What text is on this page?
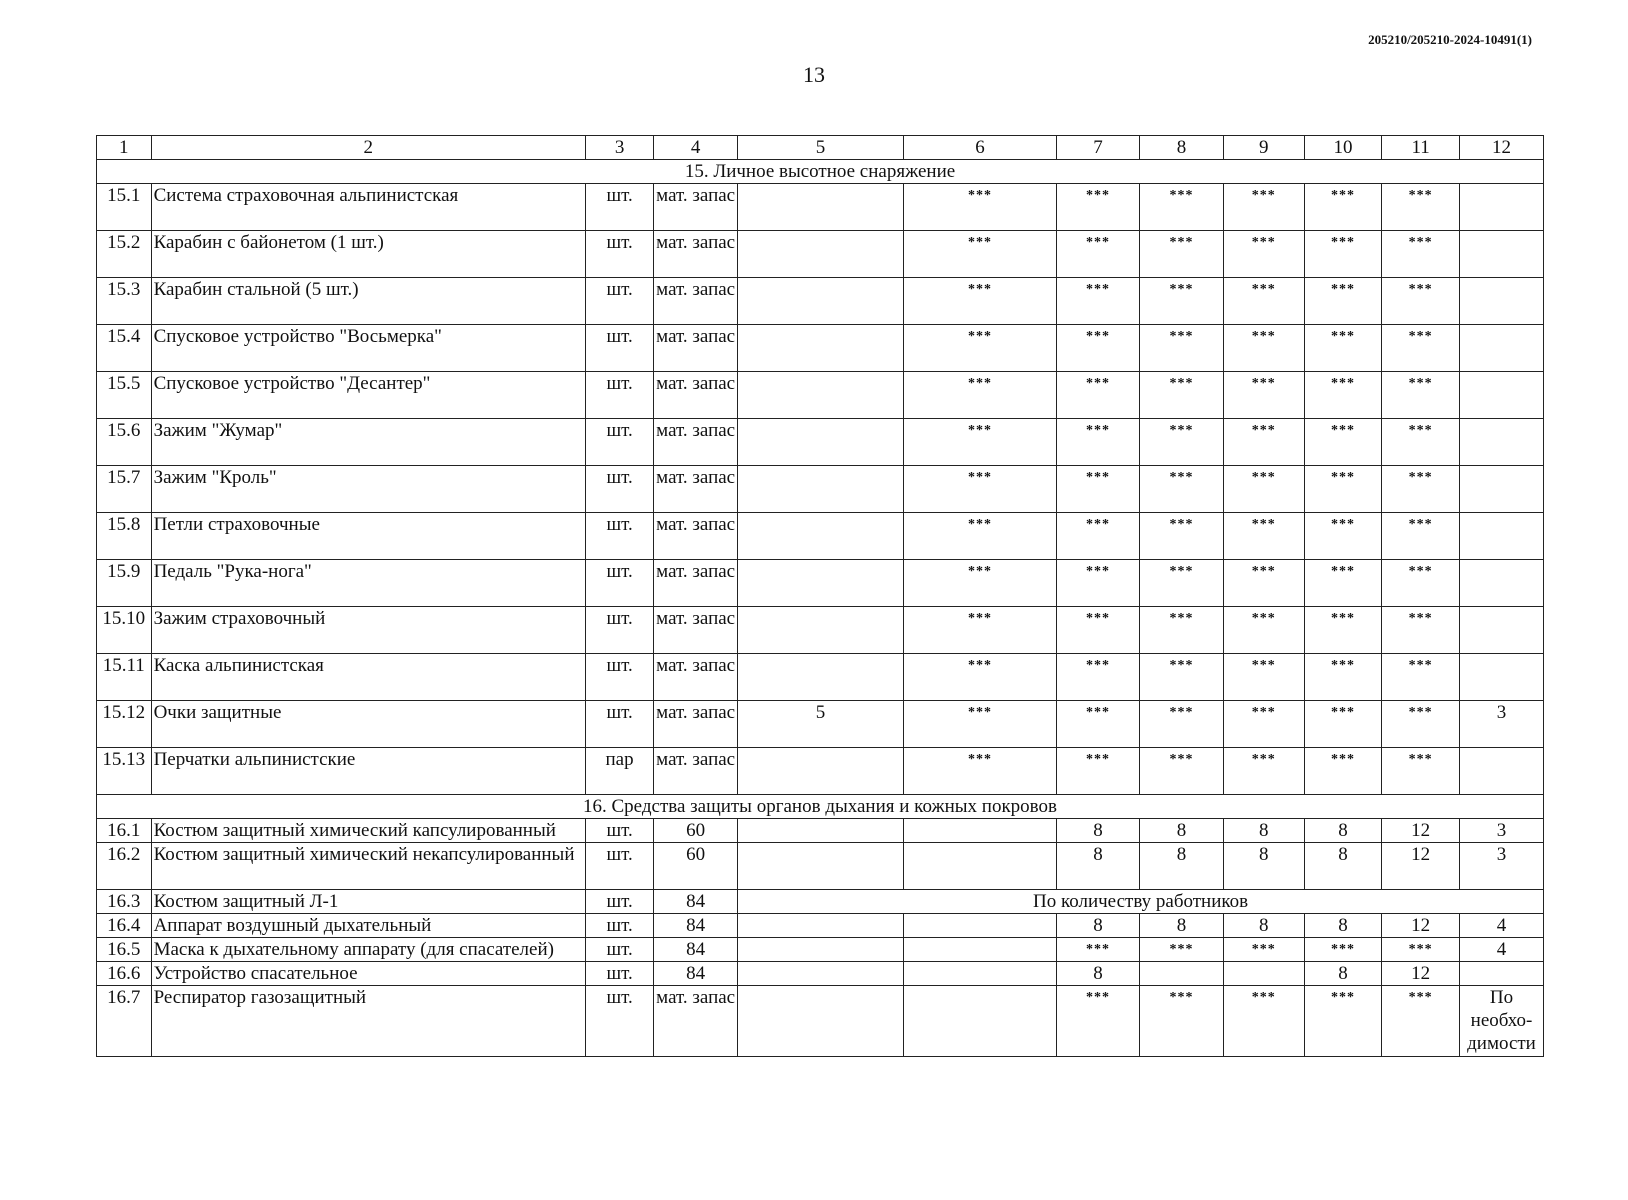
205210/205210-2024-10491(1)
13
1	2	3	4	5	6	7	8	9	10	11	12
15. Личное высотное снаряжение											
15.1	Система страховочная альпинистская	шт.	мат. запас		***	***	***	***	***	***	
15.2	Карабин с байонетом (1 шт.)	шт.	мат. запас		***	***	***	***	***	***	
15.3	Карабин стальной (5 шт.)	шт.	мат. запас		***	***	***	***	***	***	
15.4	Спусковое устройство "Восьмерка"	шт.	мат. запас		***	***	***	***	***	***	
15.5	Спусковое устройство "Десантер"	шт.	мат. запас		***	***	***	***	***	***	
15.6	Зажим "Жумар"	шт.	мат. запас		***	***	***	***	***	***	
15.7	Зажим "Кроль"	шт.	мат. запас		***	***	***	***	***	***	
15.8	Петли страховочные	шт.	мат. запас		***	***	***	***	***	***	
15.9	Педаль "Рука-нога"	шт.	мат. запас		***	***	***	***	***	***	
15.10	Зажим страховочный	шт.	мат. запас		***	***	***	***	***	***	
15.11	Каска альпинистская	шт.	мат. запас		***	***	***	***	***	***	
15.12	Очки защитные	шт.	мат. запас	5	***	***	***	***	***	***	3
15.13	Перчатки альпинистские	пар	мат. запас		***	***	***	***	***	***	
16. Средства защиты органов дыхания и кожных покровов											
16.1	Костюм защитный химический капсулированный	шт.	60			8	8	8	8	12	3
16.2	Костюм защитный химический некапсулированный	шт.	60			8	8	8	8	12	3
16.3	Костюм защитный Л-1	шт.	84	По количеству работников							
16.4	Аппарат воздушный дыхательный	шт.	84			8	8	8	8	12	4
16.5	Маска к дыхательному аппарату (для спасателей)	шт.	84			***	***	***	***	***	4
16.6	Устройство спасательное	шт.	84			8			8	12	
16.7	Респиратор газозащитный	шт.	мат. запас			***	***	***	***	***	По необхо- димости
